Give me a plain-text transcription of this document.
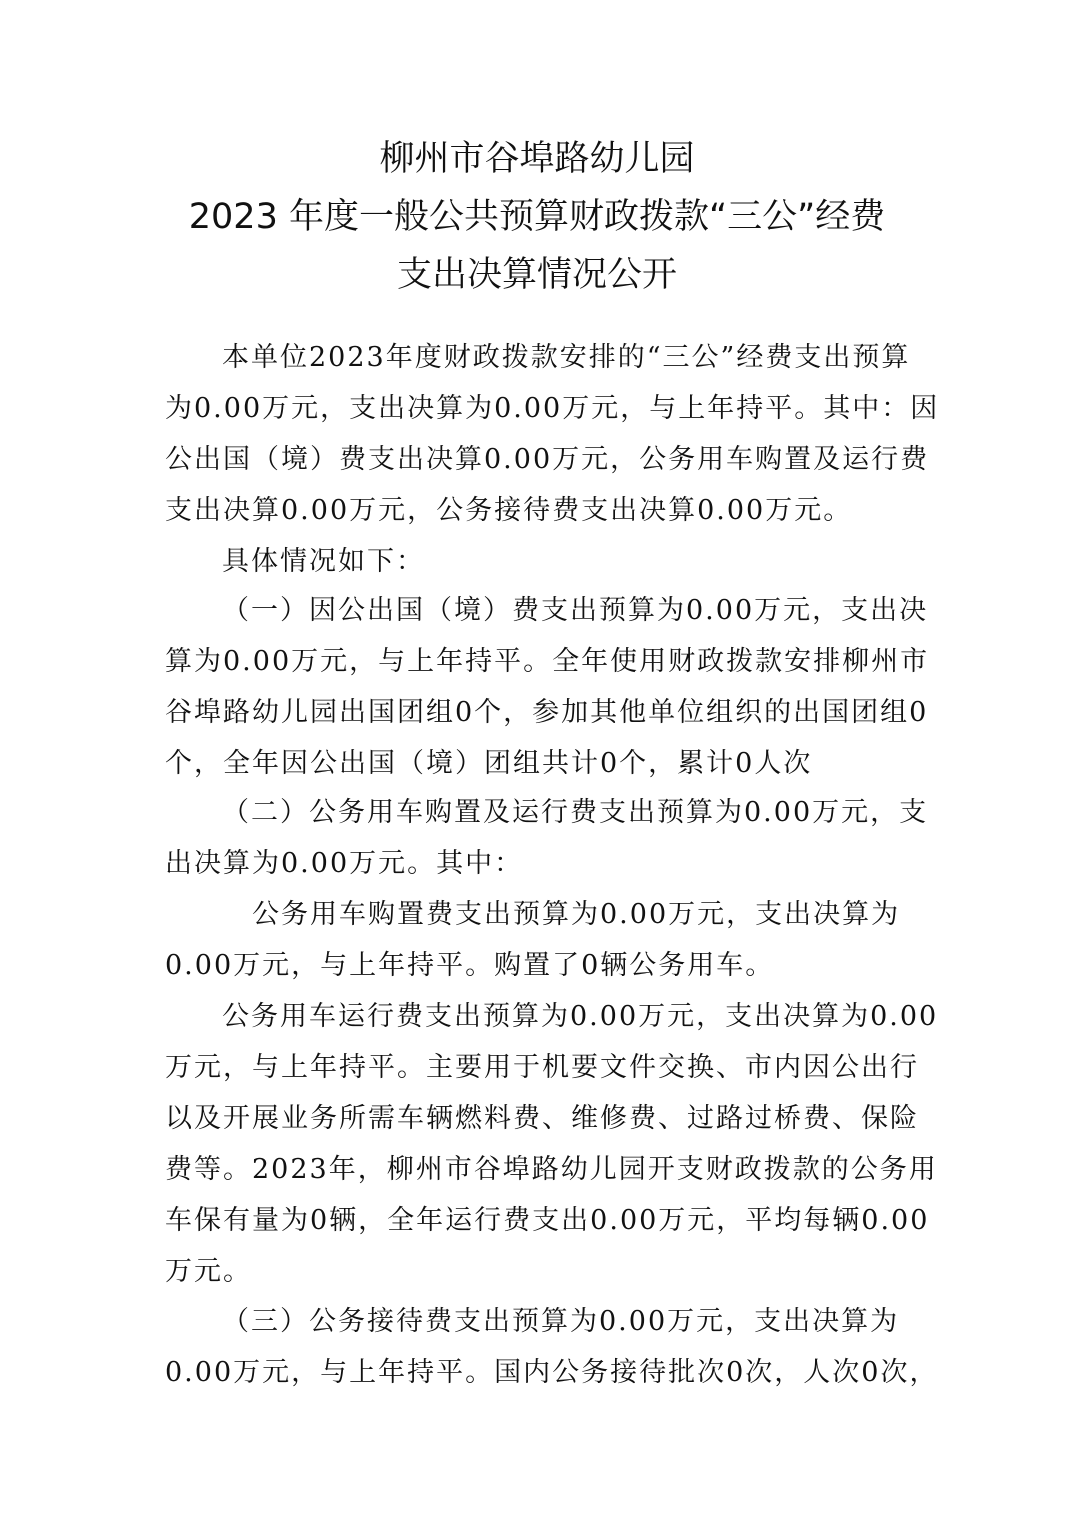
柳州市谷埠路幼儿园
2023 年度一般公共预算财政拨款“三公”经费
支出决算情况公开
本单位2023年度财政拨款安排的“三公”经费支出预算
为0.00万元，支出决算为0.00万元，与上年持平。其中：因
公出国（境）费支出决算0.00万元，公务用车购置及运行费
支出决算0.00万元，公务接待费支出决算0.00万元。
具体情况如下：
（一）因公出国（境）费支出预算为0.00万元，支出决
算为0.00万元，与上年持平。全年使用财政拨款安排柳州市
谷埠路幼儿园出国团组0个，参加其他单位组织的出国团组0
个，全年因公出国（境）团组共计0个，累计0人次
（二）公务用车购置及运行费支出预算为0.00万元，支
出决算为0.00万元。其中：
公务用车购置费支出预算为0.00万元，支出决算为
0.00万元，与上年持平。购置了0辆公务用车。
公务用车运行费支出预算为0.00万元，支出决算为0.00
万元，与上年持平。主要用于机要文件交换、市内因公出行
以及开展业务所需车辆燃料费、维修费、过路过桥费、保险
费等。2023年，柳州市谷埠路幼儿园开支财政拨款的公务用
车保有量为0辆，全年运行费支出0.00万元，平均每辆0.00
万元。
（三）公务接待费支出预算为0.00万元，支出决算为
0.00万元，与上年持平。国内公务接待批次0次，人次0次，
